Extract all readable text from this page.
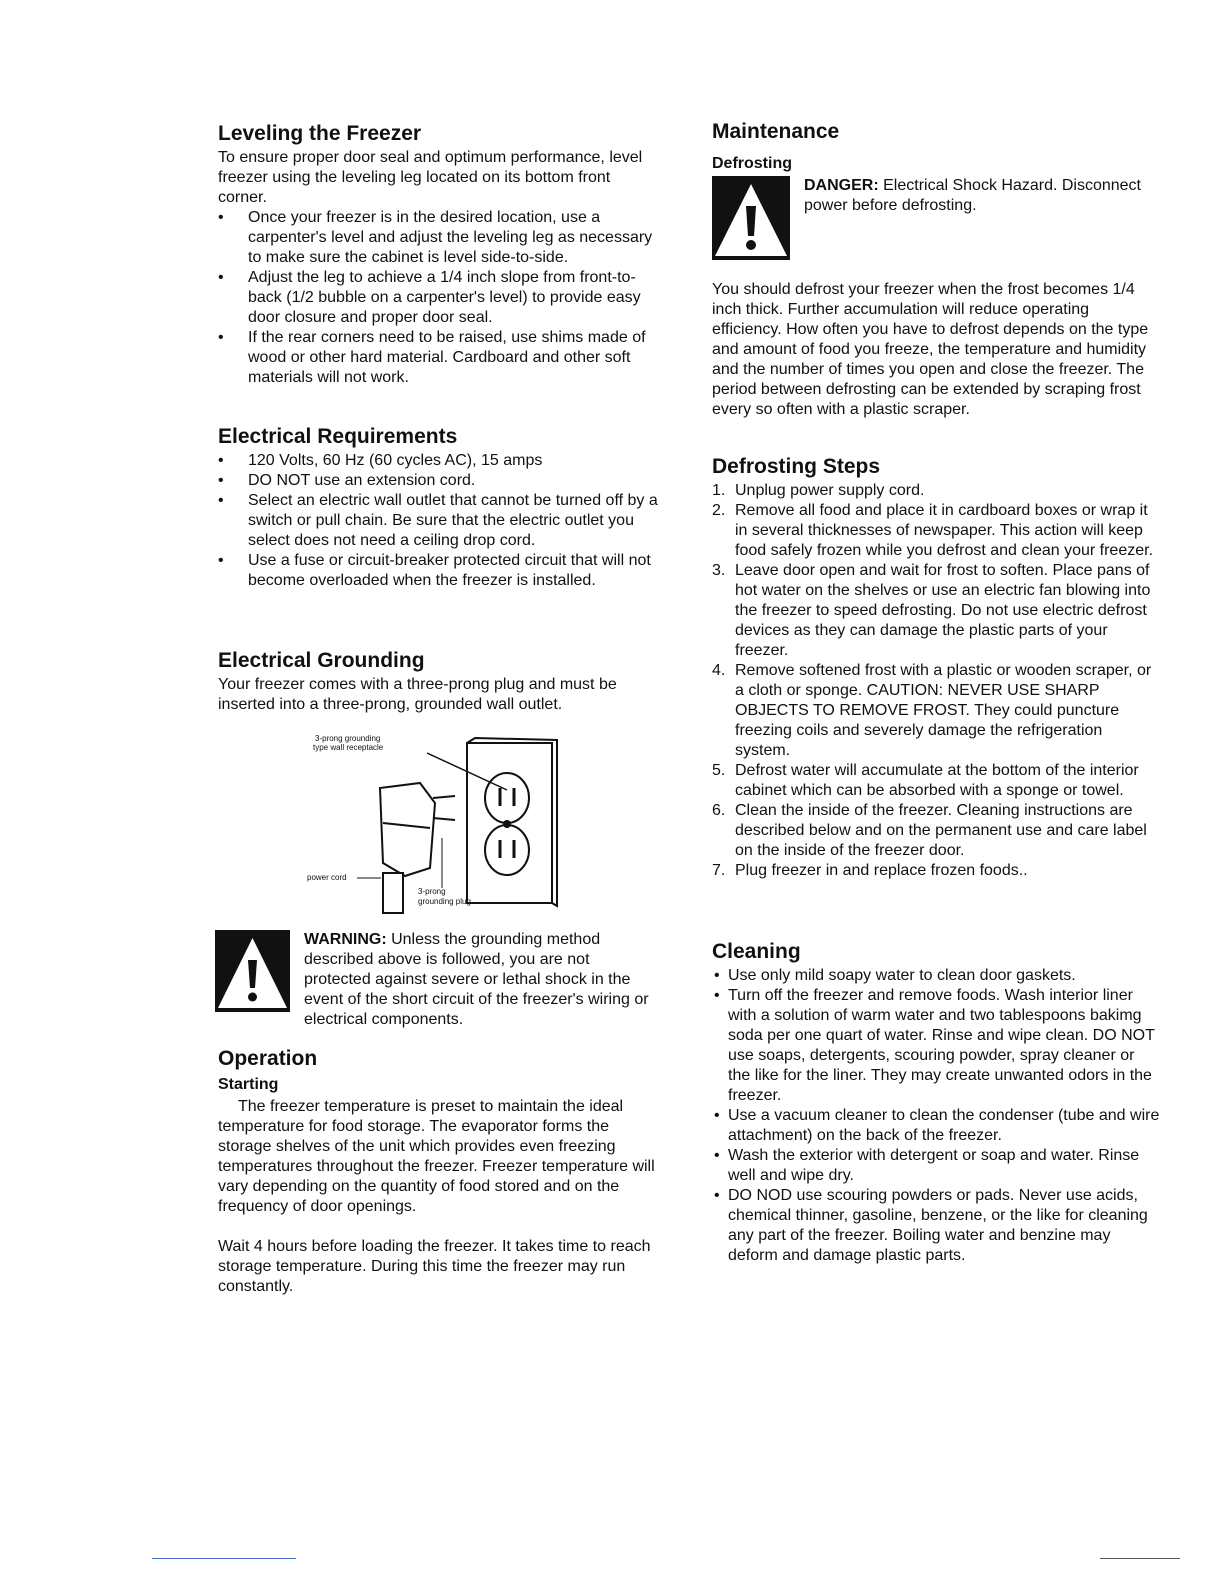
Leveling the Freezer

To ensure proper door seal and optimum performance, level freezer using the leveling leg located on its bottom front corner.

• Once your freezer is in the desired location, use a carpenter's level and adjust the leveling leg as necessary to make sure the cabinet is level side-to-side.
• Adjust the leg to achieve a 1/4 inch slope from front-to-back (1/2 bubble on a carpenter's level) to provide easy door closure and proper door seal.
• If the rear corners need to be raised, use shims made of wood or other hard material. Cardboard and other soft materials will not work.
Electrical Requirements
• 120 Volts, 60 Hz (60 cycles AC), 15 amps
• DO NOT use an extension cord.
• Select an electric wall outlet that cannot be turned off by a switch or pull chain. Be sure that the electric outlet you select does not need a ceiling drop cord.
• Use a fuse or circuit-breaker protected circuit that will not become overloaded when the freezer is installed.
Electrical Grounding

Your freezer comes with a three-prong plug and must be inserted into a three-prong, grounded wall outlet.

3-prong grounding
type wall receptacle
power cord
3-prong
grounding plug

WARNING: Unless the grounding method described above is followed, you are not protected against severe or lethal shock in the event of the short circuit of the freezer's wiring or electrical components.

Operation
Starting

The freezer temperature is preset to maintain the ideal temperature for food storage. The evaporator forms the storage shelves of the unit which provides even freezing temperatures throughout the freezer. Freezer temperature will vary depending on the quantity of food stored and on the frequency of door openings.

Wait 4 hours before loading the freezer. It takes time to reach storage temperature. During this time the freezer may run constantly.

Maintenance
Defrosting

DANGER: Electrical Shock Hazard. Disconnect power before defrosting.

You should defrost your freezer when the frost becomes 1/4 inch thick. Further accumulation will reduce operating efficiency. How often you have to defrost depends on the type and amount of food you freeze, the temperature and humidity and the number of times you open and close the freezer. The period between defrosting can be extended by scraping frost every so often with a plastic scraper.

Defrosting Steps
1. Unplug power supply cord.
2. Remove all food and place it in cardboard boxes or wrap it in several thicknesses of newspaper. This action will keep food safely frozen while you defrost and clean your freezer.
3. Leave door open and wait for frost to soften. Place pans of hot water on the shelves or use an electric fan blowing into the freezer to speed defrosting. Do not use electric defrost devices as they can damage the plastic parts of your freezer.
4. Remove softened frost with a plastic or wooden scraper, or a cloth or sponge. CAUTION: NEVER USE SHARP OBJECTS TO REMOVE FROST. They could puncture freezing coils and severely damage the refrigeration system.
5. Defrost water will accumulate at the bottom of the interior cabinet which can be absorbed with a sponge or towel.
6. Clean the inside of the freezer. Cleaning instructions are described below and on the permanent use and care label on the inside of the freezer door.
7. Plug freezer in and replace frozen foods..
Cleaning
• Use only mild soapy water to clean door gaskets.
• Turn off the freezer and remove foods. Wash interior liner with a solution of warm water and two tablespoons bakimg soda per one quart of water. Rinse and wipe clean. DO NOT use soaps, detergents, scouring powder, spray cleaner or the like for the liner. They may create unwanted odors in the freezer.
• Use a vacuum cleaner to clean the condenser (tube and wire attachment) on the back of the freezer.
• Wash the exterior with detergent or soap and water. Rinse well and wipe dry.
• DO NOD use scouring powders or pads. Never use acids, chemical thinner, gasoline, benzene, or the like for cleaning any part of the freezer. Boiling water and benzine may deform and damage plastic parts.
